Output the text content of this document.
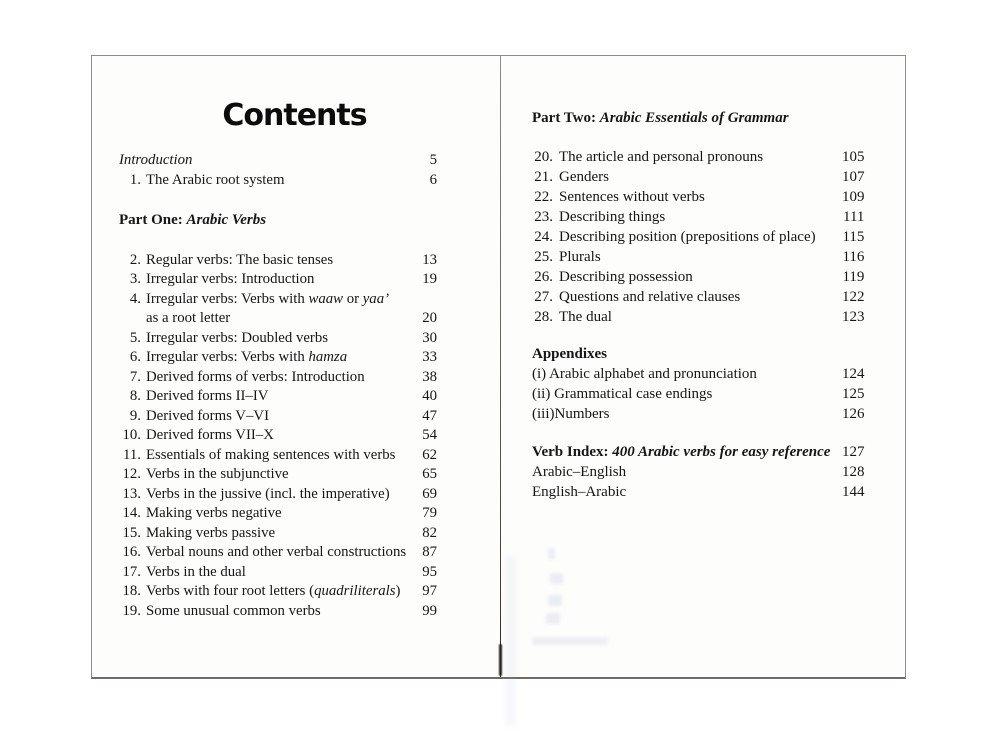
Contents
Introduction	5
1. The Arabic root system	6
Part One: Arabic Verbs
2. Regular verbs: The basic tenses	13
3. Irregular verbs: Introduction	19
4. Irregular verbs: Verbs with waaw or yaa’
as a root letter	20
5. Irregular verbs: Doubled verbs	30
6. Irregular verbs: Verbs with hamza	33
7. Derived forms of verbs: Introduction	38
8. Derived forms II–IV	40
9. Derived forms V–VI	47
10. Derived forms VII–X	54
11. Essentials of making sentences with verbs	62
12. Verbs in the subjunctive	65
13. Verbs in the jussive (incl. the imperative)	69
14. Making verbs negative	79
15. Making verbs passive	82
16. Verbal nouns and other verbal constructions	87
17. Verbs in the dual	95
18. Verbs with four root letters (quadriliterals)	97
19. Some unusual common verbs	99
Part Two: Arabic Essentials of Grammar
20. The article and personal pronouns	105
21. Genders	107
22. Sentences without verbs	109
23. Describing things	111
24. Describing position (prepositions of place)	115
25. Plurals	116
26. Describing possession	119
27. Questions and relative clauses	122
28. The dual	123
Appendixes
(i) Arabic alphabet and pronunciation	124
(ii) Grammatical case endings	125
(iii)Numbers	126
Verb Index: 400 Arabic verbs for easy reference 127
Arabic–English	128
English–Arabic	144
